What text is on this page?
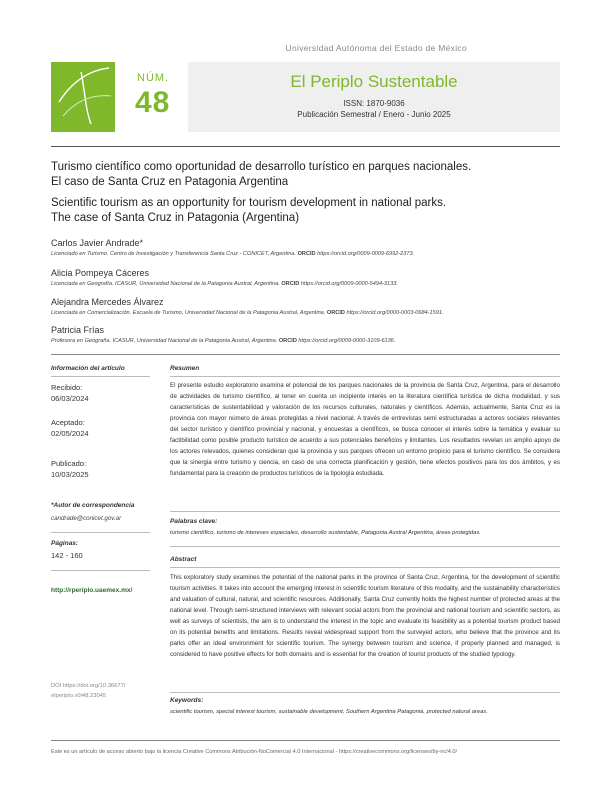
Universidad Autónoma del Estado de México
NÚM.
48
El Periplo Sustentable
ISSN: 1870-9036
Publicación Semestral / Enero - Junio 2025
Turismo científico como oportunidad de desarrollo turístico en parques nacionales.
El caso de Santa Cruz en Patagonia Argentina
Scientific tourism as an opportunity for tourism development in national parks.
The case of Santa Cruz in Patagonia (Argentina)
Carlos Javier Andrade*
Licenciado en Turismo. Centro de Investigación y Transferencia Santa Cruz - CONICET, Argentina. ORCID https://orcid.org/0009-0009-6992-2373.
Alicia Pompeya Cáceres
Licenciada en Geografía. ICASUR, Universidad Nacional de la Patagonia Austral, Argentina. ORCID https://orcid.org/0009-0000-5494-3133.
Alejandra Mercedes Álvarez
Licenciada en Comercialización. Escuela de Turismo, Universidad Nacional de la Patagonia Austral, Argentina. ORCID https://orcid.org/0000-0003-0684-1591.
Patricia Frías
Profesora en Geografía. ICASUR, Universidad Nacional de la Patagonia Austral, Argentina. ORCID https://orcid.org/0009-0000-3109-6136.
Información del artículo
Recibido:
06/03/2024
Aceptado:
02/05/2024
Publicado:
10/03/2025
*Autor de correspondencia
candrade@conicet.gov.ar
Páginas:
142 - 160
http://rperiplo.uaemex.mx/
DOI https://doi.org/10.36677/
elperiplo.v0i48.23045
Resumen
El presente estudio exploratorio examina el potencial de los parques nacionales de la provincia de Santa Cruz, Argentina, para el desarrollo de actividades de turismo científico, al tener en cuenta un incipiente interés en la literatura científica turística de dicha modalidad, y sus características de sustentabilidad y valoración de los recursos culturales, naturales y científicos. Además, actualmente, Santa Cruz es la provincia con mayor número de áreas protegidas a nivel nacional. A través de entrevistas semi estructuradas a actores sociales relevantes del sector turístico y científico provincial y nacional, y encuestas a científicos, se busca conocer el interés sobre la temática y evaluar su factibilidad como posible producto turístico de acuerdo a sus potenciales beneficios y limitantes. Los resultados revelan un amplio apoyo de los actores relevados, quienes consideran que la provincia y sus parques ofrecen un entorno propicio para el turismo científico. Se considera que la sinergia entre turismo y ciencia, en caso de una correcta planificación y gestión, tiene efectos positivos para los dos ámbitos, y es fundamental para la creación de productos turísticos de la tipología estudiada.
Palabras clave:
turismo científico, turismo de intereses especiales, desarrollo sustentable, Patagonia Austral Argentina, áreas protegidas.
Abstract
This exploratory study examines the potential of the national parks in the province of Santa Cruz, Argentina, for the development of scientific tourism activities. It takes into account the emerging interest in scientific tourism literature of this modality, and the sustainability characteristics and valuation of cultural, natural, and scientific resources. Additionally, Santa Cruz currently holds the highest number of protected areas at the national level. Through semi-structured interviews with relevant social actors from the provincial and national tourism and scientific sectors, as well as surveys of scientists, the aim is to understand the interest in the topic and evaluate its feasibility as a potential tourism product based on its potential benefits and limitations. Results reveal widespread support from the surveyed actors, who believe that the province and its parks offer an ideal environment for scientific tourism. The synergy between tourism and science, if properly planned and managed, is considered to have positive effects for both domains and is essential for the creation of tourist products of the studied typology.
Keywords:
scientific tourism, special interest tourism, sustainable development, Southern Argentina Patagonia, protected natural areas.
Este es un artículo de acceso abierto bajo la licencia Creative Commons Atribución-NoComercial 4.0 Internacional - https://creativecommons.org/licenses/by-nc/4.0/
